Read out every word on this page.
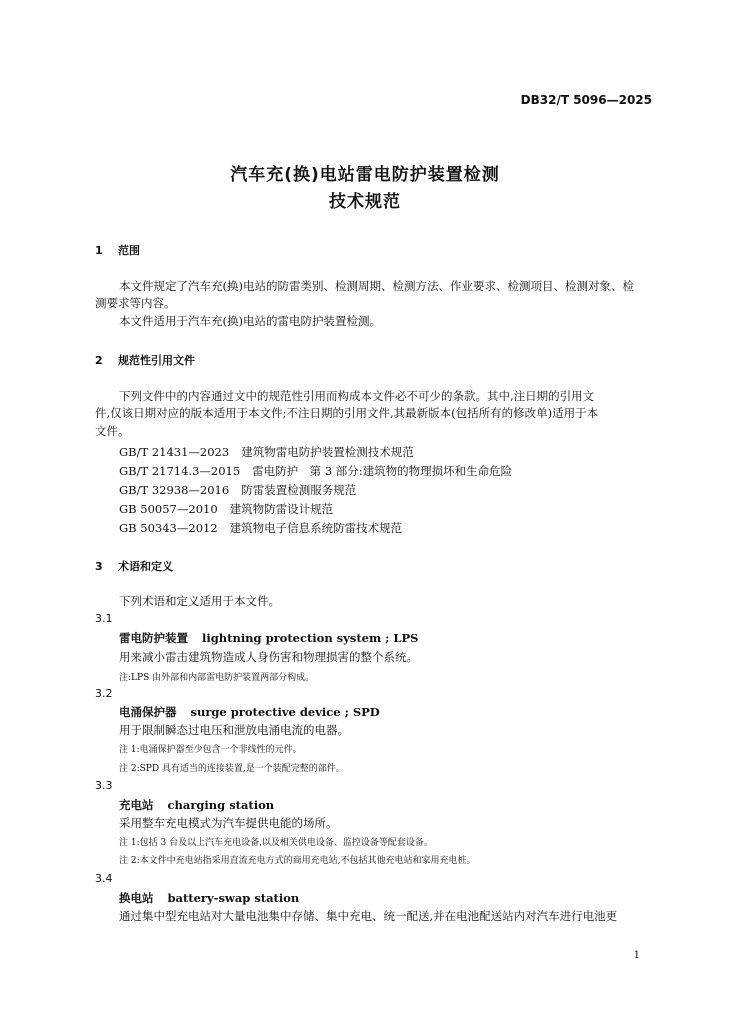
DB32/T 5096—2025
汽车充(换)电站雷电防护装置检测
技术规范
1 范围
本文件规定了汽车充(换)电站的防雷类别、检测周期、检测方法、作业要求、检测项目、检测对象、检
测要求等内容。
本文件适用于汽车充(换)电站的雷电防护装置检测。
2 规范性引用文件
下列文件中的内容通过文中的规范性引用而构成本文件必不可少的条款。其中,注日期的引用文
件,仅该日期对应的版本适用于本文件;不注日期的引用文件,其最新版本(包括所有的修改单)适用于本
文件。
GB/T 21431—2023 建筑物雷电防护装置检测技术规范
GB/T 21714.3—2015 雷电防护　第 3 部分:建筑物的物理损坏和生命危险
GB/T 32938—2016 防雷装置检测服务规范
GB 50057—2010 建筑物防雷设计规范
GB 50343—2012 建筑物电子信息系统防雷技术规范
3 术语和定义
下列术语和定义适用于本文件。
3.1
雷电防护装置 lightning protection system ; LPS
用来减小雷击建筑物造成人身伤害和物理损害的整个系统。
注:LPS 由外部和内部雷电防护装置两部分构成。
3.2
电涌保护器 surge protective device ; SPD
用于限制瞬态过电压和泄放电涌电流的电器。
注 1:电涌保护器至少包含一个非线性的元件。
注 2:SPD 具有适当的连接装置,是一个装配完整的部件。
3.3
充电站 charging station
采用整车充电模式为汽车提供电能的场所。
注 1:包括 3 台及以上汽车充电设备,以及相关供电设备、监控设备等配套设备。
注 2:本文件中充电站指采用直流充电方式的商用充电站,不包括其他充电站和家用充电桩。
3.4
换电站 battery-swap station
通过集中型充电站对大量电池集中存储、集中充电、统一配送,并在电池配送站内对汽车进行电池更
1
